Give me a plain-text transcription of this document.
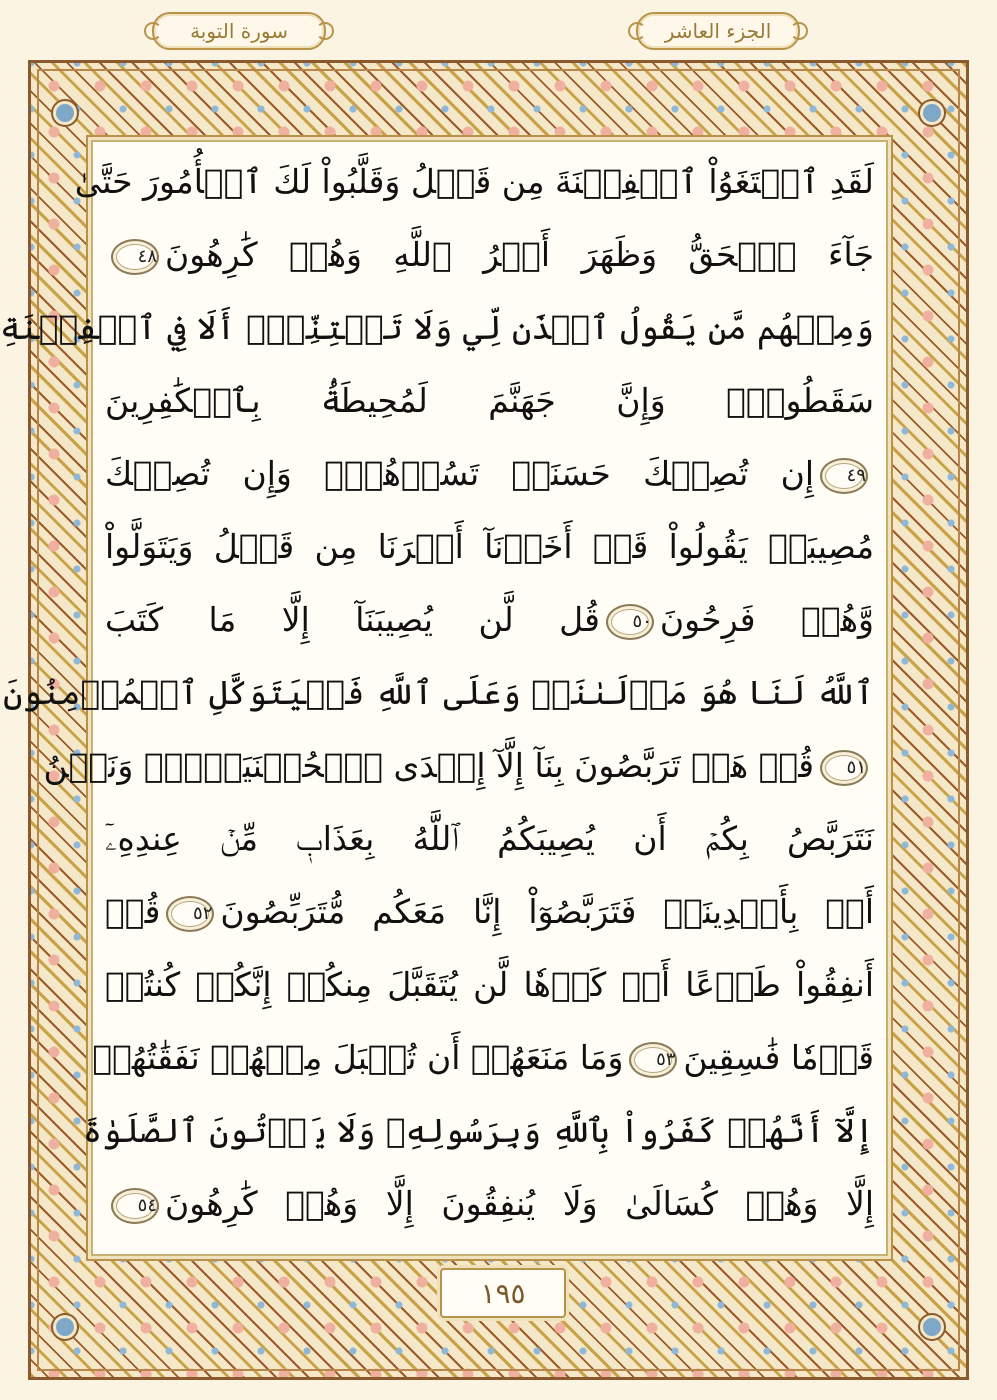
سورة التوبة	الجزء العاشر
لَقَدِ ٱبۡتَغَوُاْ ٱلۡفِتۡنَةَ مِن قَبۡلُ وَقَلَّبُواْ لَكَ ٱلۡأُمُورَ حَتَّىٰ
جَآءَ ٱلۡحَقُّ وَظَهَرَ أَمۡرُ ٱللَّهِ وَهُمۡ كَٰرِهُونَ٤٨
وَمِنۡهُم مَّن يَقُولُ ٱئۡذَن لِّي وَلَا تَفۡتِنِّيٓۚ أَلَا فِي ٱلۡفِتۡنَةِ
سَقَطُواْۗ وَإِنَّ جَهَنَّمَ لَمُحِيطَةُۢ بِٱلۡكَٰفِرِينَ
٤٩إِن تُصِبۡكَ حَسَنَةٞ تَسُؤۡهُمۡۖ وَإِن تُصِبۡكَ
مُصِيبَةٞ يَقُولُواْ قَدۡ أَخَذۡنَآ أَمۡرَنَا مِن قَبۡلُ وَيَتَوَلَّواْ
وَّهُمۡ فَرِحُونَ٥٠قُل لَّن يُصِيبَنَآ إِلَّا مَا كَتَبَ
ٱللَّهُ لَنَا هُوَ مَوۡلَىٰنَاۚ وَعَلَى ٱللَّهِ فَلۡيَتَوَكَّلِ ٱلۡمُؤۡمِنُونَ
٥١قُلۡ هَلۡ تَرَبَّصُونَ بِنَآ إِلَّآ إِحۡدَى ٱلۡحُسۡنَيَيۡنِۖ وَنَحۡنُ
نَتَرَبَّصُ بِكُمۡ أَن يُصِيبَكُمُ ٱللَّهُ بِعَذَابٖ مِّنۡ عِندِهِۦٓ
أَوۡ بِأَيۡدِينَاۖ فَتَرَبَّصُوٓاْ إِنَّا مَعَكُم مُّتَرَبِّصُونَ٥٢قُلۡ
أَنفِقُواْ طَوۡعًا أَوۡ كَرۡهٗا لَّن يُتَقَبَّلَ مِنكُمۡ إِنَّكُمۡ كُنتُمۡ
قَوۡمٗا فَٰسِقِينَ٥٣وَمَا مَنَعَهُمۡ أَن تُقۡبَلَ مِنۡهُمۡ نَفَقَٰتُهُمۡ
إِلَّآ أَنَّهُمۡ كَفَرُواْ بِٱللَّهِ وَبِرَسُولِهِۦ وَلَا يَأۡتُونَ ٱلصَّلَوٰةَ
إِلَّا وَهُمۡ كُسَالَىٰ وَلَا يُنفِقُونَ إِلَّا وَهُمۡ كَٰرِهُونَ٥٤
١٩٥
